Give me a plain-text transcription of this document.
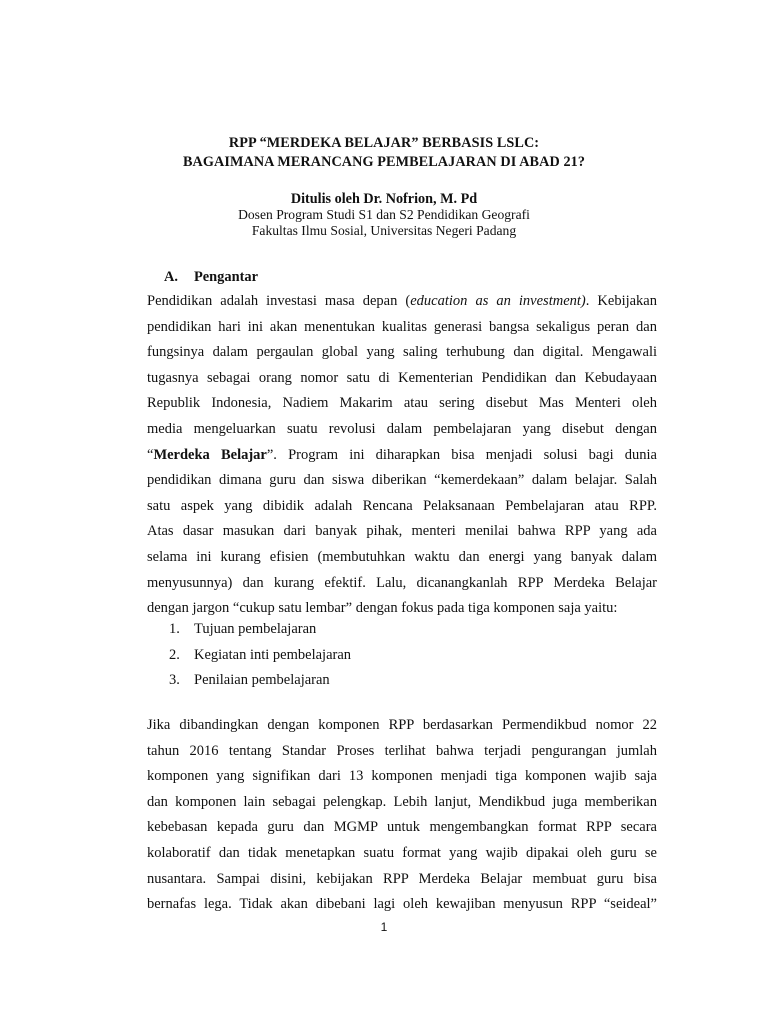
RPP “MERDEKA BELAJAR” BERBASIS LSLC:
BAGAIMANA MERANCANG PEMBELAJARAN DI ABAD 21?
Ditulis oleh Dr. Nofrion, M. Pd
Dosen Program Studi S1 dan S2 Pendidikan Geografi
Fakultas Ilmu Sosial, Universitas Negeri Padang
A. Pengantar
Pendidikan adalah investasi masa depan (education as an investment). Kebijakan
pendidikan hari ini akan menentukan kualitas generasi bangsa sekaligus peran dan
fungsinya dalam pergaulan global yang saling terhubung dan digital. Mengawali
tugasnya sebagai orang nomor satu di Kementerian Pendidikan dan Kebudayaan
Republik Indonesia, Nadiem Makarim atau sering disebut Mas Menteri oleh
media mengeluarkan suatu revolusi dalam pembelajaran yang disebut dengan
“Merdeka Belajar”. Program ini diharapkan bisa menjadi solusi bagi dunia
pendidikan dimana guru dan siswa diberikan “kemerdekaan” dalam belajar. Salah
satu aspek yang dibidik adalah Rencana Pelaksanaan Pembelajaran atau RPP.
Atas dasar masukan dari banyak pihak, menteri menilai bahwa RPP yang ada
selama ini kurang efisien (membutuhkan waktu dan energi yang banyak dalam
menyusunnya) dan kurang efektif. Lalu, dicanangkanlah RPP Merdeka Belajar
dengan jargon “cukup satu lembar” dengan fokus pada tiga komponen saja yaitu:
1. Tujuan pembelajaran
2. Kegiatan inti pembelajaran
3. Penilaian pembelajaran
Jika dibandingkan dengan komponen RPP berdasarkan Permendikbud nomor 22
tahun 2016 tentang Standar Proses terlihat bahwa terjadi pengurangan jumlah
komponen yang signifikan dari 13 komponen menjadi tiga komponen wajib saja
dan komponen lain sebagai pelengkap. Lebih lanjut, Mendikbud juga memberikan
kebebasan kepada guru dan MGMP untuk mengembangkan format RPP secara
kolaboratif dan tidak menetapkan suatu format yang wajib dipakai oleh guru se
nusantara. Sampai disini, kebijakan RPP Merdeka Belajar membuat guru bisa
bernafas lega. Tidak akan dibebani lagi oleh kewajiban menyusun RPP “seideal”
1
